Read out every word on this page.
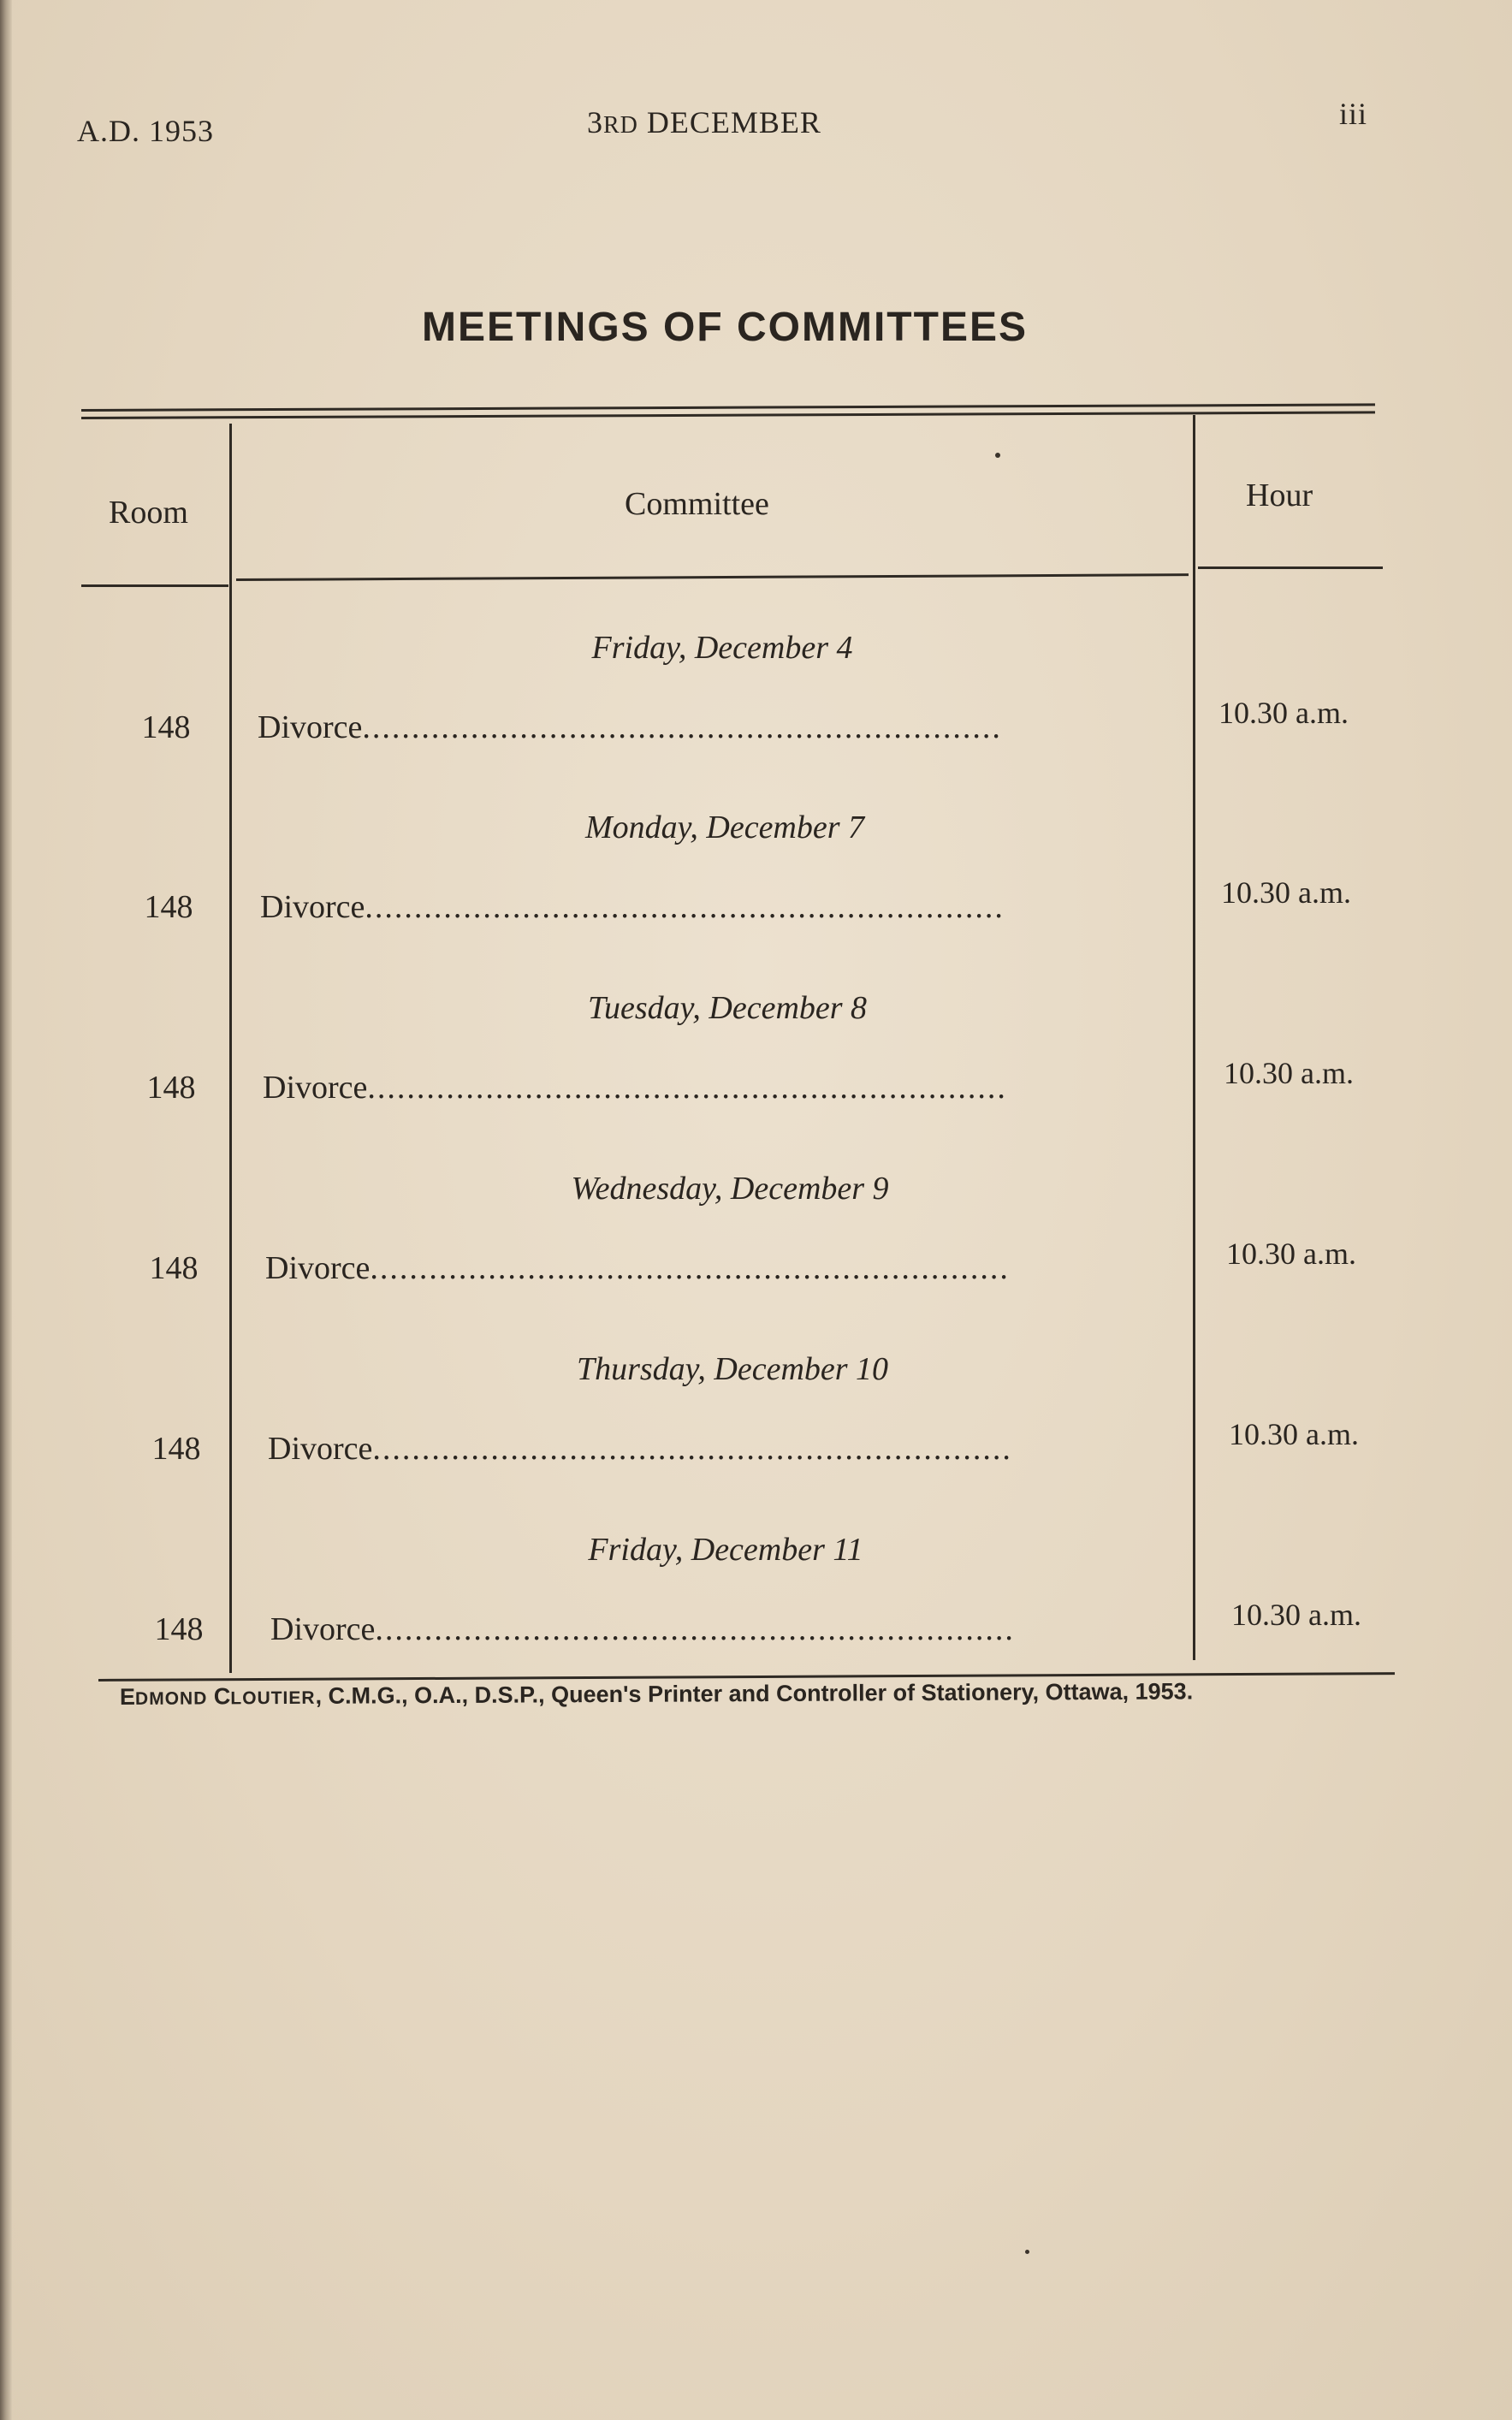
A.D. 1953	3RD DECEMBER	iii
MEETINGS OF COMMITTEES
Room	Committee	Hour
Friday, December 4
148	Divorce.................................................................	10.30 a.m.
Monday, December 7
148	Divorce.................................................................	10.30 a.m.
Tuesday, December 8
148	Divorce.................................................................	10.30 a.m.
Wednesday, December 9
148	Divorce.................................................................	10.30 a.m.
Thursday, December 10
148	Divorce.................................................................	10.30 a.m.
Friday, December 11
148	Divorce.................................................................	10.30 a.m.
EDMOND CLOUTIER, C.M.G., O.A., D.S.P., Queen's Printer and Controller of Stationery, Ottawa, 1953.
